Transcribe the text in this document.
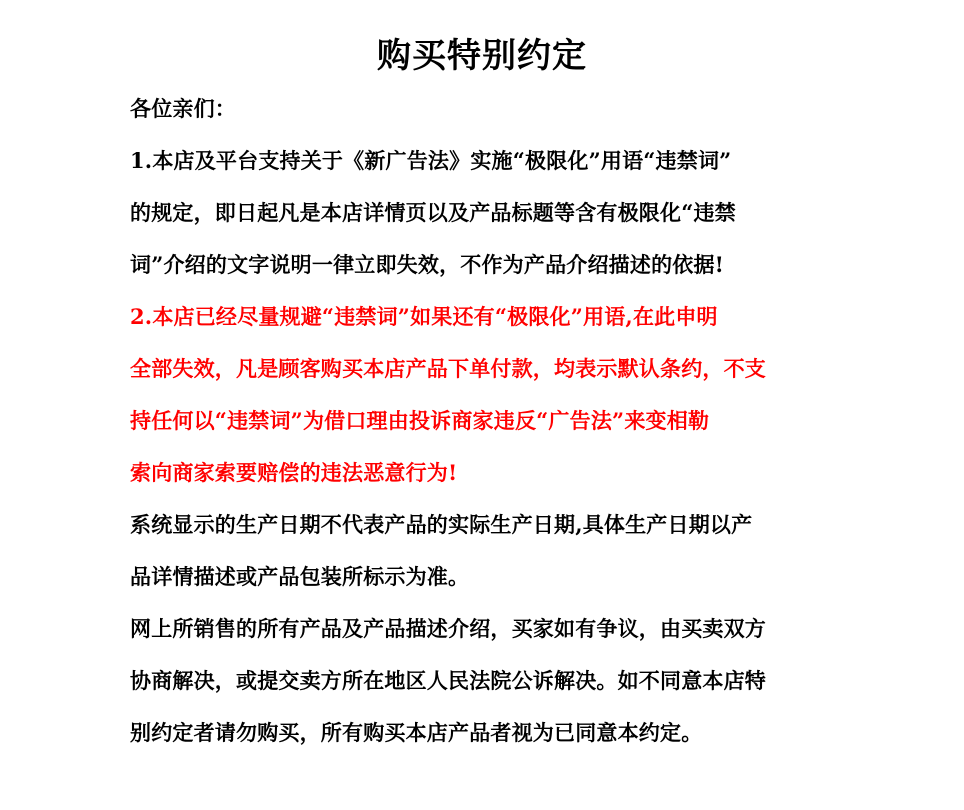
购买特别约定
各位亲们：
1.本店及平台支持关于《新广告法》实施“极限化”用语“违禁词”
的规定，即日起凡是本店详情页以及产品标题等含有极限化“违禁
词”介绍的文字说明一律立即失效，不作为产品介绍描述的依据!
2.本店已经尽量规避“违禁词”如果还有“极限化”用语,在此申明
全部失效，凡是顾客购买本店产品下单付款，均表示默认条约，不支
持任何以“违禁词”为借口理由投诉商家违反“广告法”来变相勒
索向商家索要赔偿的违法恶意行为!
系统显示的生产日期不代表产品的实际生产日期,具体生产日期以产
品详情描述或产品包装所标示为准。
网上所销售的所有产品及产品描述介绍，买家如有争议，由买卖双方
协商解决，或提交卖方所在地区人民法院公诉解决。如不同意本店特
别约定者请勿购买，所有购买本店产品者视为已同意本约定。
